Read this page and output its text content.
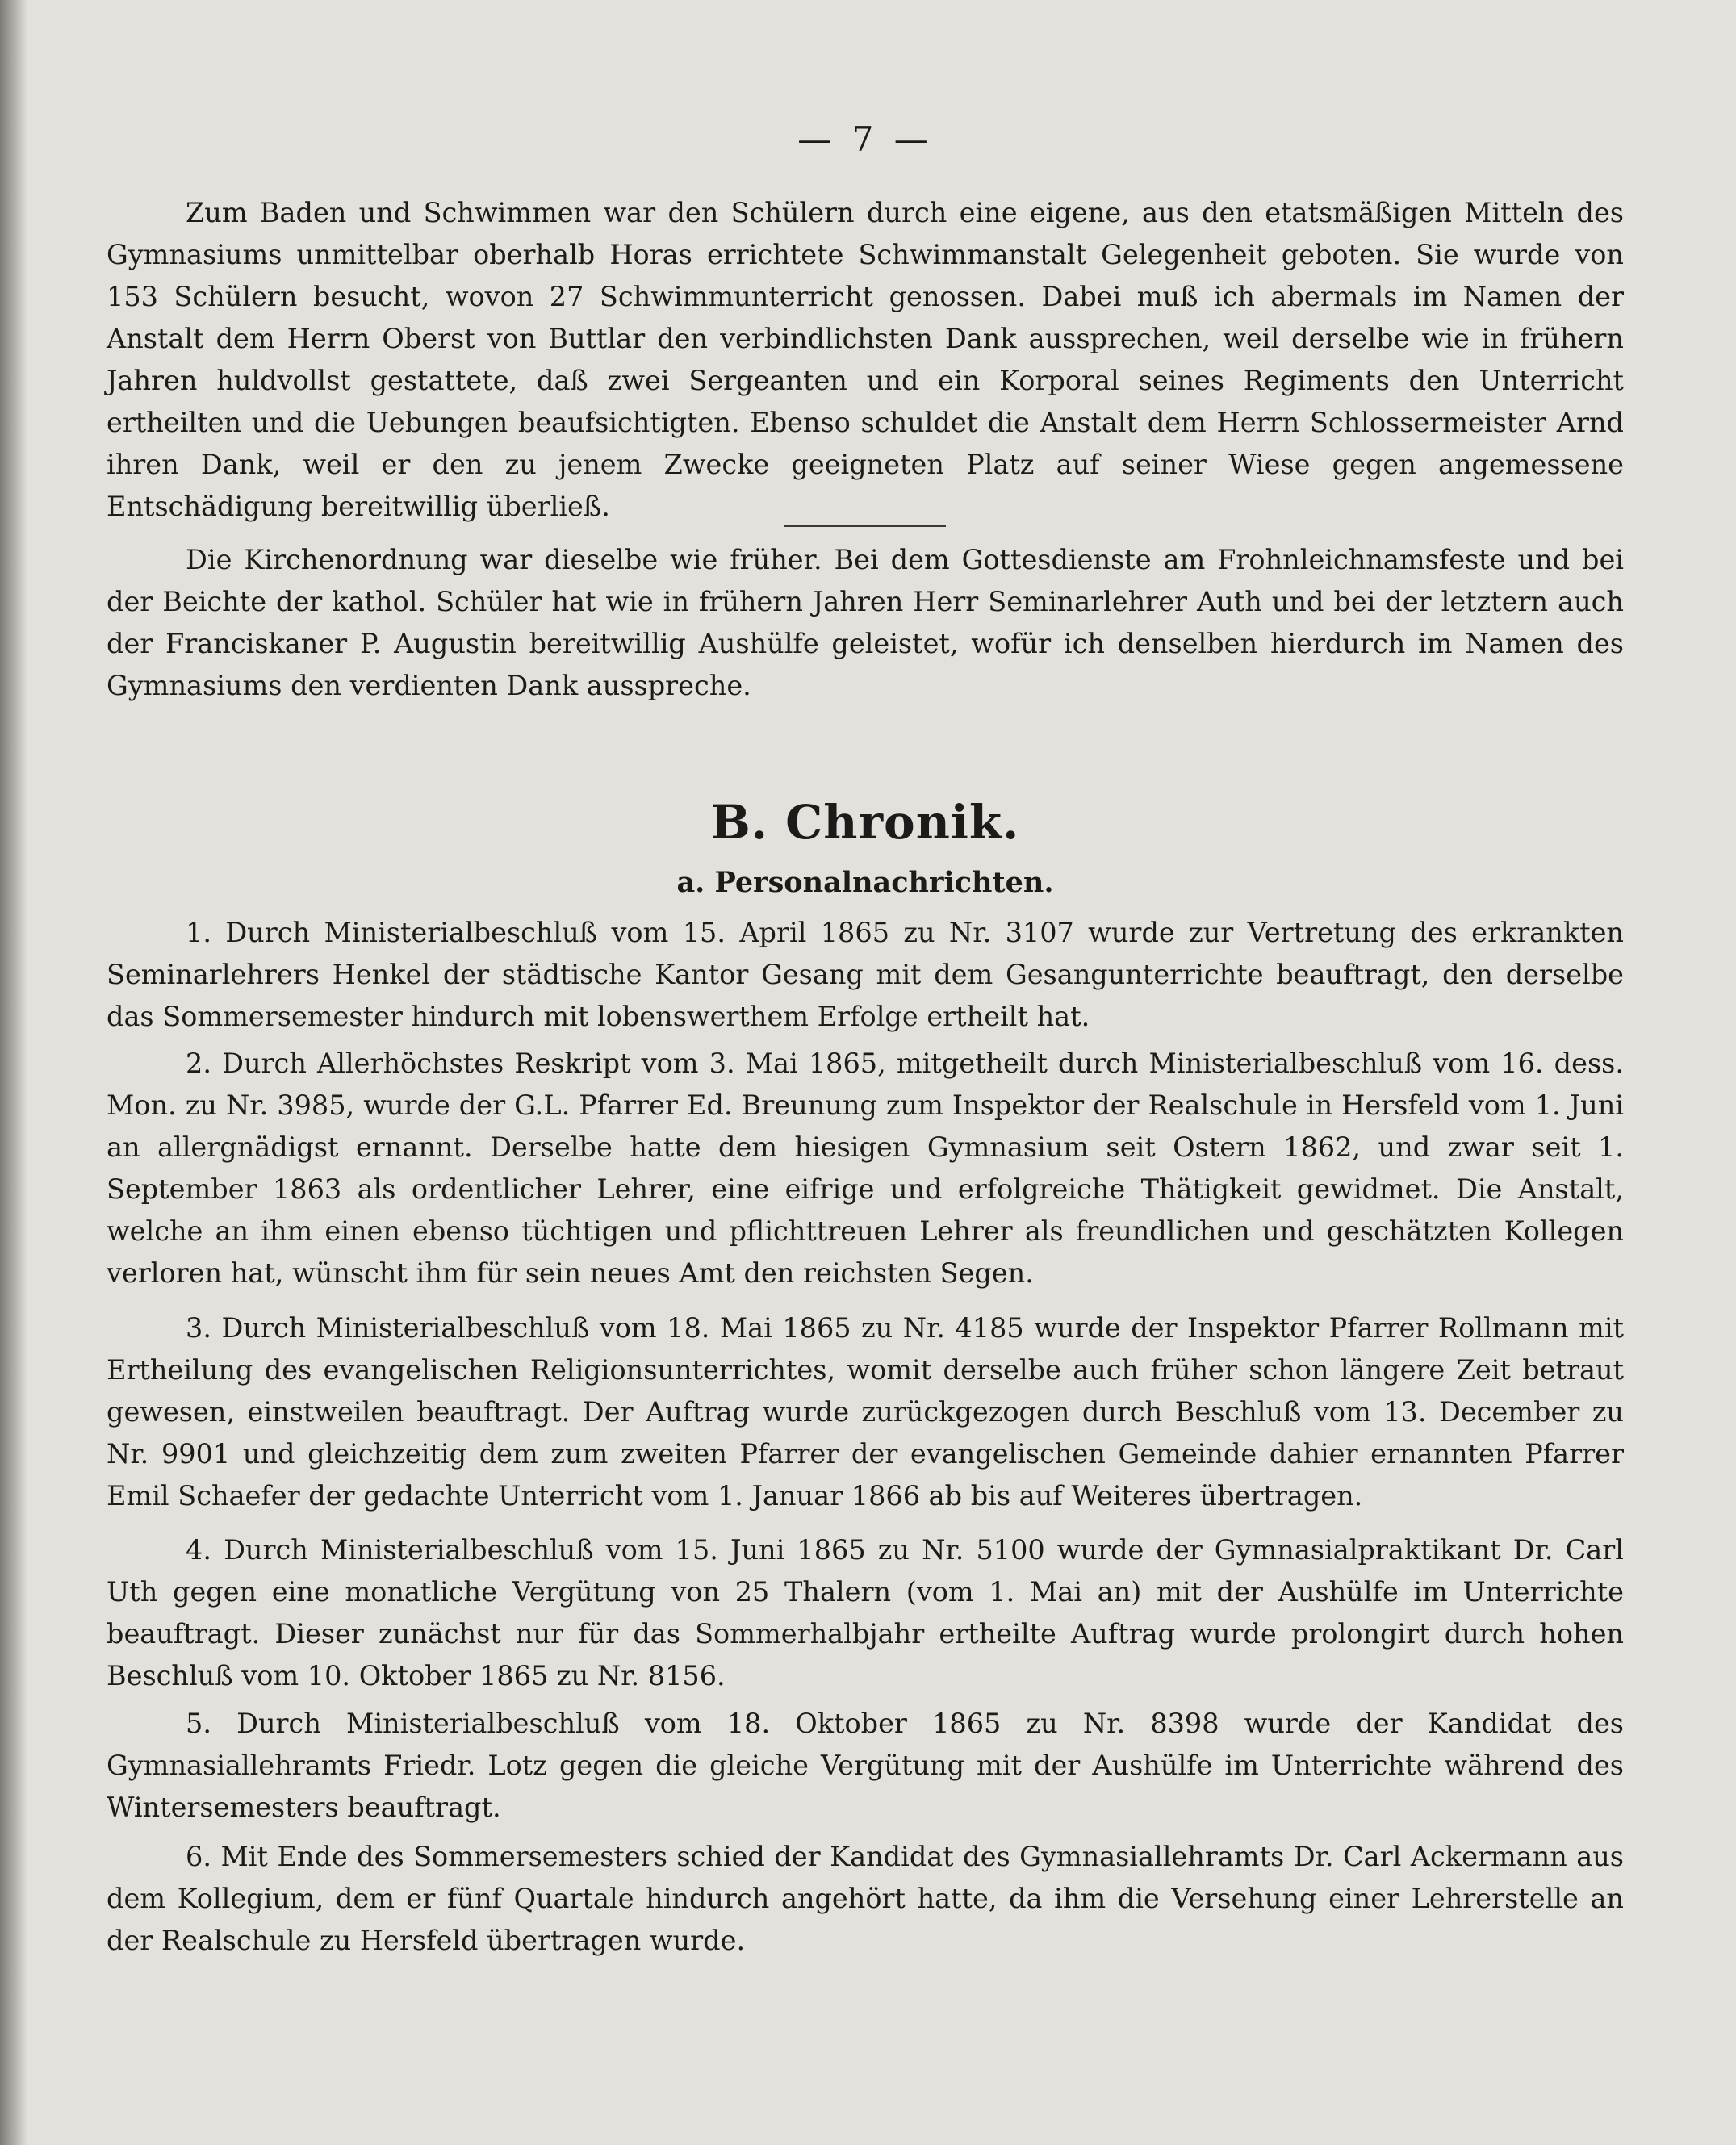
— 7 —

Zum Baden und Schwimmen war den Schülern durch eine eigene, aus den etatsmäßigen Mitteln des Gymnasiums unmittelbar oberhalb Horas errichtete Schwimmanstalt Gelegenheit geboten. Sie wurde von 153 Schülern besucht, wovon 27 Schwimmunterricht genossen. Dabei muß ich abermals im Namen der Anstalt dem Herrn Oberst von Buttlar den verbindlichsten Dank aussprechen, weil derselbe wie in frühern Jahren huldvollst gestattete, daß zwei Sergeanten und ein Korporal seines Regiments den Unterricht ertheilten und die Uebungen beaufsichtigten. Ebenso schuldet die Anstalt dem Herrn Schlossermeister Arnd ihren Dank, weil er den zu jenem Zwecke geeigneten Platz auf seiner Wiese gegen angemessene Entschädigung bereitwillig überließ.

Die Kirchenordnung war dieselbe wie früher. Bei dem Gottesdienste am Frohnleichnamsfeste und bei der Beichte der kathol. Schüler hat wie in frühern Jahren Herr Seminarlehrer Auth und bei der letztern auch der Franciskaner P. Augustin bereitwillig Aushülfe geleistet, wofür ich denselben hierdurch im Namen des Gymnasiums den verdienten Dank ausspreche.

B. Chronik.
a. Personalnachrichten.

1. Durch Ministerialbeschluß vom 15. April 1865 zu Nr. 3107 wurde zur Vertretung des erkrankten Seminarlehrers Henkel der städtische Kantor Gesang mit dem Gesangunterrichte beauftragt, den derselbe das Sommersemester hindurch mit lobenswerthem Erfolge ertheilt hat.

2. Durch Allerhöchstes Reskript vom 3. Mai 1865, mitgetheilt durch Ministerialbeschluß vom 16. dess. Mon. zu Nr. 3985, wurde der G.L. Pfarrer Ed. Breunung zum Inspektor der Realschule in Hersfeld vom 1. Juni an allergnädigst ernannt. Derselbe hatte dem hiesigen Gymnasium seit Ostern 1862, und zwar seit 1. September 1863 als ordentlicher Lehrer, eine eifrige und erfolgreiche Thätigkeit gewidmet. Die Anstalt, welche an ihm einen ebenso tüchtigen und pflichttreuen Lehrer als freundlichen und geschätzten Kollegen verloren hat, wünscht ihm für sein neues Amt den reichsten Segen.

3. Durch Ministerialbeschluß vom 18. Mai 1865 zu Nr. 4185 wurde der Inspektor Pfarrer Rollmann mit Ertheilung des evangelischen Religionsunterrichtes, womit derselbe auch früher schon längere Zeit betraut gewesen, einstweilen beauftragt. Der Auftrag wurde zurückgezogen durch Beschluß vom 13. December zu Nr. 9901 und gleichzeitig dem zum zweiten Pfarrer der evangelischen Gemeinde dahier ernannten Pfarrer Emil Schaefer der gedachte Unterricht vom 1. Januar 1866 ab bis auf Weiteres übertragen.

4. Durch Ministerialbeschluß vom 15. Juni 1865 zu Nr. 5100 wurde der Gymnasialpraktikant Dr. Carl Uth gegen eine monatliche Vergütung von 25 Thalern (vom 1. Mai an) mit der Aushülfe im Unterrichte beauftragt. Dieser zunächst nur für das Sommerhalbjahr ertheilte Auftrag wurde prolongirt durch hohen Beschluß vom 10. Oktober 1865 zu Nr. 8156.

5. Durch Ministerialbeschluß vom 18. Oktober 1865 zu Nr. 8398 wurde der Kandidat des Gymnasiallehramts Friedr. Lotz gegen die gleiche Vergütung mit der Aushülfe im Unterrichte während des Wintersemesters beauftragt.

6. Mit Ende des Sommersemesters schied der Kandidat des Gymnasiallehramts Dr. Carl Ackermann aus dem Kollegium, dem er fünf Quartale hindurch angehört hatte, da ihm die Versehung einer Lehrerstelle an der Realschule zu Hersfeld übertragen wurde.
